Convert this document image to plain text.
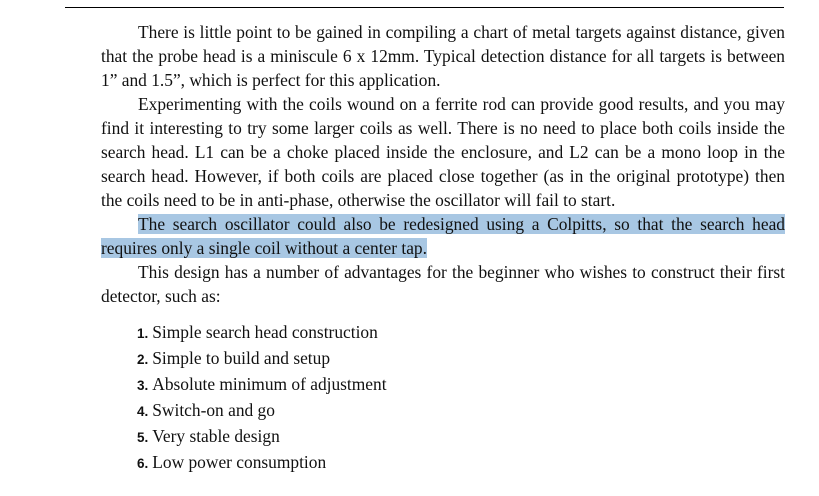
There is little point to be gained in compiling a chart of metal targets against distance, given that the probe head is a miniscule 6 x 12mm. Typical detection distance for all targets is between 1” and 1.5”, which is perfect for this application.

Experimenting with the coils wound on a ferrite rod can provide good results, and you may find it interesting to try some larger coils as well. There is no need to place both coils inside the search head. L1 can be a choke placed inside the enclosure, and L2 can be a mono loop in the search head. However, if both coils are placed close together (as in the original prototype) then the coils need to be in anti-phase, otherwise the oscillator will fail to start.

The search oscillator could also be redesigned using a Colpitts, so that the search head requires only a single coil without a center tap.

This design has a number of advantages for the beginner who wishes to construct their first detector, such as:

1. Simple search head construction
2. Simple to build and setup
3. Absolute minimum of adjustment
4. Switch-on and go
5. Very stable design
6. Low power consumption
